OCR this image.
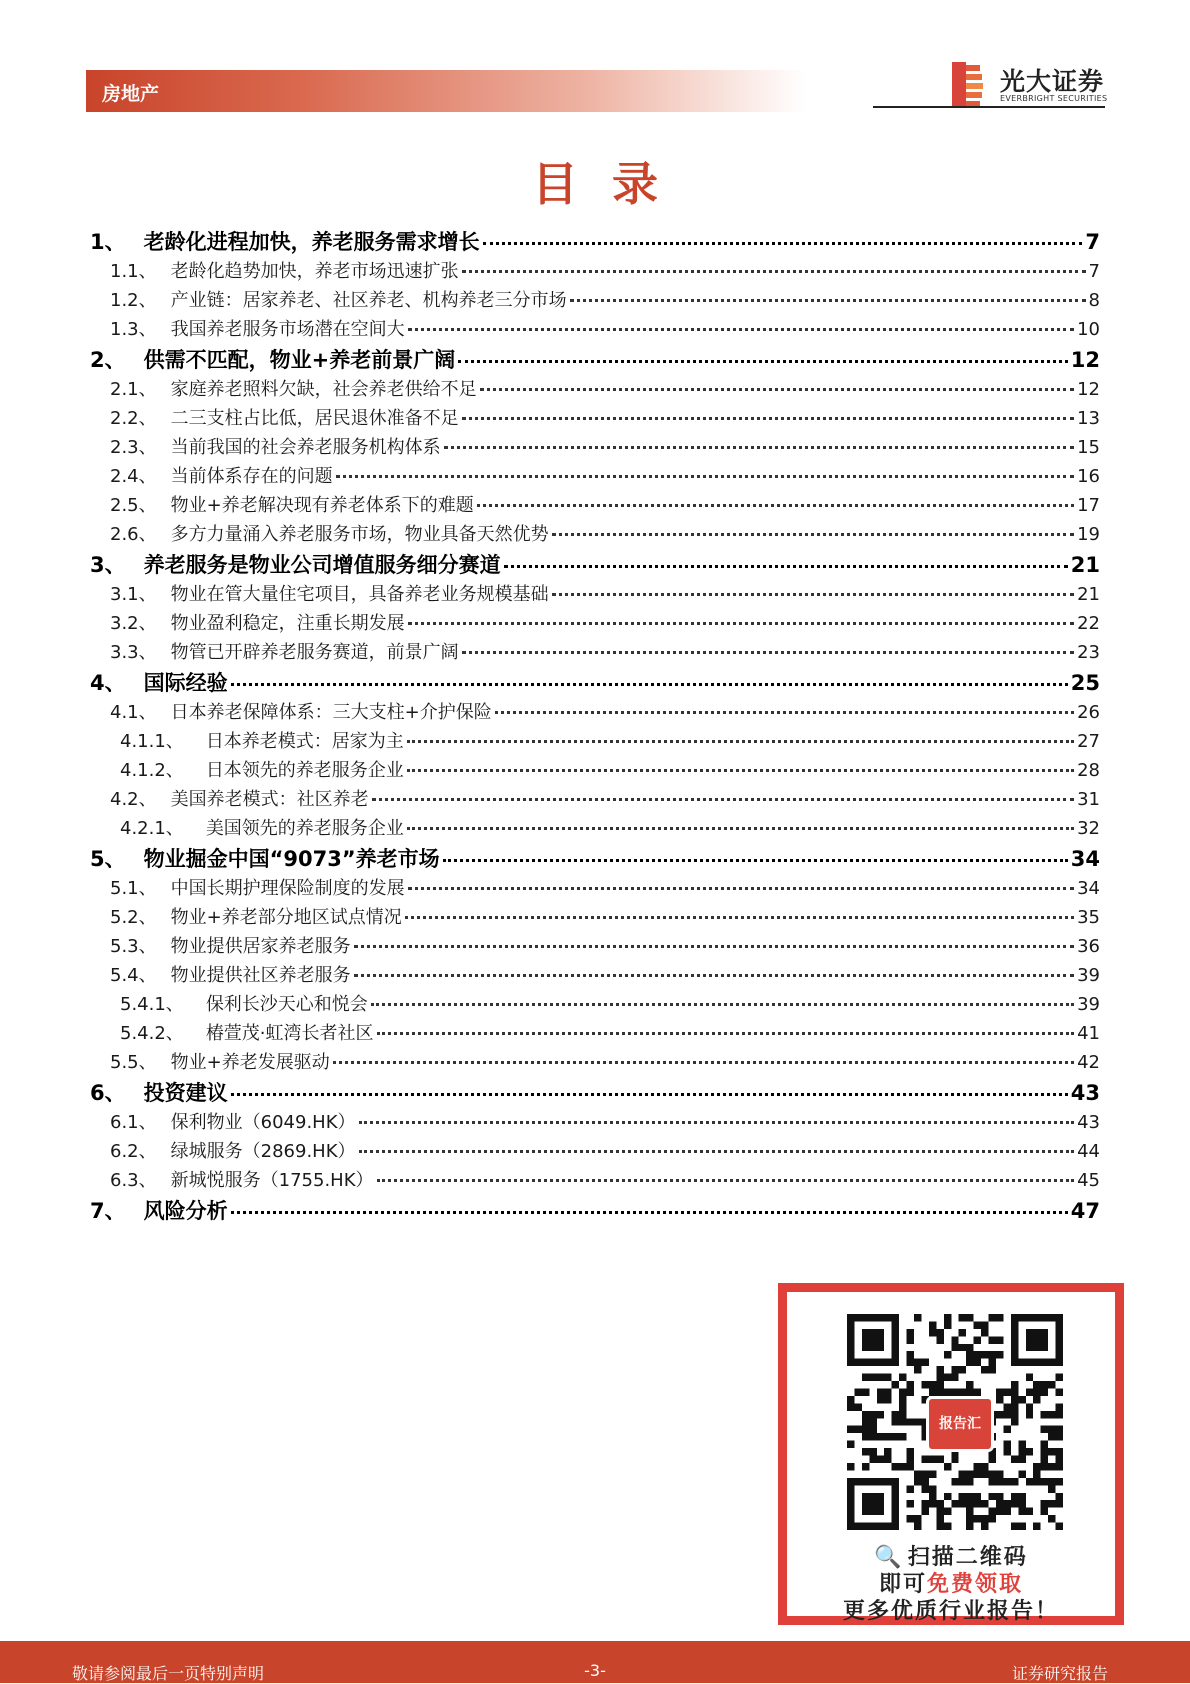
房地产	光大证券
EVERBRIGHT SECURITIES
目录
1、 老龄化进程加快，养老服务需求增长	7
1.1、 老龄化趋势加快，养老市场迅速扩张	7
1.2、 产业链：居家养老、社区养老、机构养老三分市场	8
1.3、 我国养老服务市场潜在空间大	10
2、 供需不匹配，物业+养老前景广阔	12
2.1、 家庭养老照料欠缺，社会养老供给不足	12
2.2、 二三支柱占比低，居民退休准备不足	13
2.3、 当前我国的社会养老服务机构体系	15
2.4、 当前体系存在的问题	16
2.5、 物业+养老解决现有养老体系下的难题	17
2.6、 多方力量涌入养老服务市场，物业具备天然优势	19
3、 养老服务是物业公司增值服务细分赛道	21
3.1、 物业在管大量住宅项目，具备养老业务规模基础	21
3.2、 物业盈利稳定，注重长期发展	22
3.3、 物管已开辟养老服务赛道，前景广阔	23
4、 国际经验	25
4.1、 日本养老保障体系：三大支柱+介护保险	26
4.1.1、 日本养老模式：居家为主	27
4.1.2、 日本领先的养老服务企业	28
4.2、 美国养老模式：社区养老	31
4.2.1、 美国领先的养老服务企业	32
5、 物业掘金中国“9073”养老市场	34
5.1、 中国长期护理保险制度的发展	34
5.2、 物业+养老部分地区试点情况	35
5.3、 物业提供居家养老服务	36
5.4、 物业提供社区养老服务	39
5.4.1、 保利长沙天心和悦会	39
5.4.2、 椿萱茂·虹湾长者社区	41
5.5、 物业+养老发展驱动	42
6、 投资建议	43
6.1、 保利物业（6049.HK）	43
6.2、 绿城服务（2869.HK）	44
6.3、 新城悦服务（1755.HK）	45
7、 风险分析	47
报告汇
🔍 扫描二维码
即可免费领取
更多优质行业报告！
敬请参阅最后一页特别声明	-3-	证券研究报告
